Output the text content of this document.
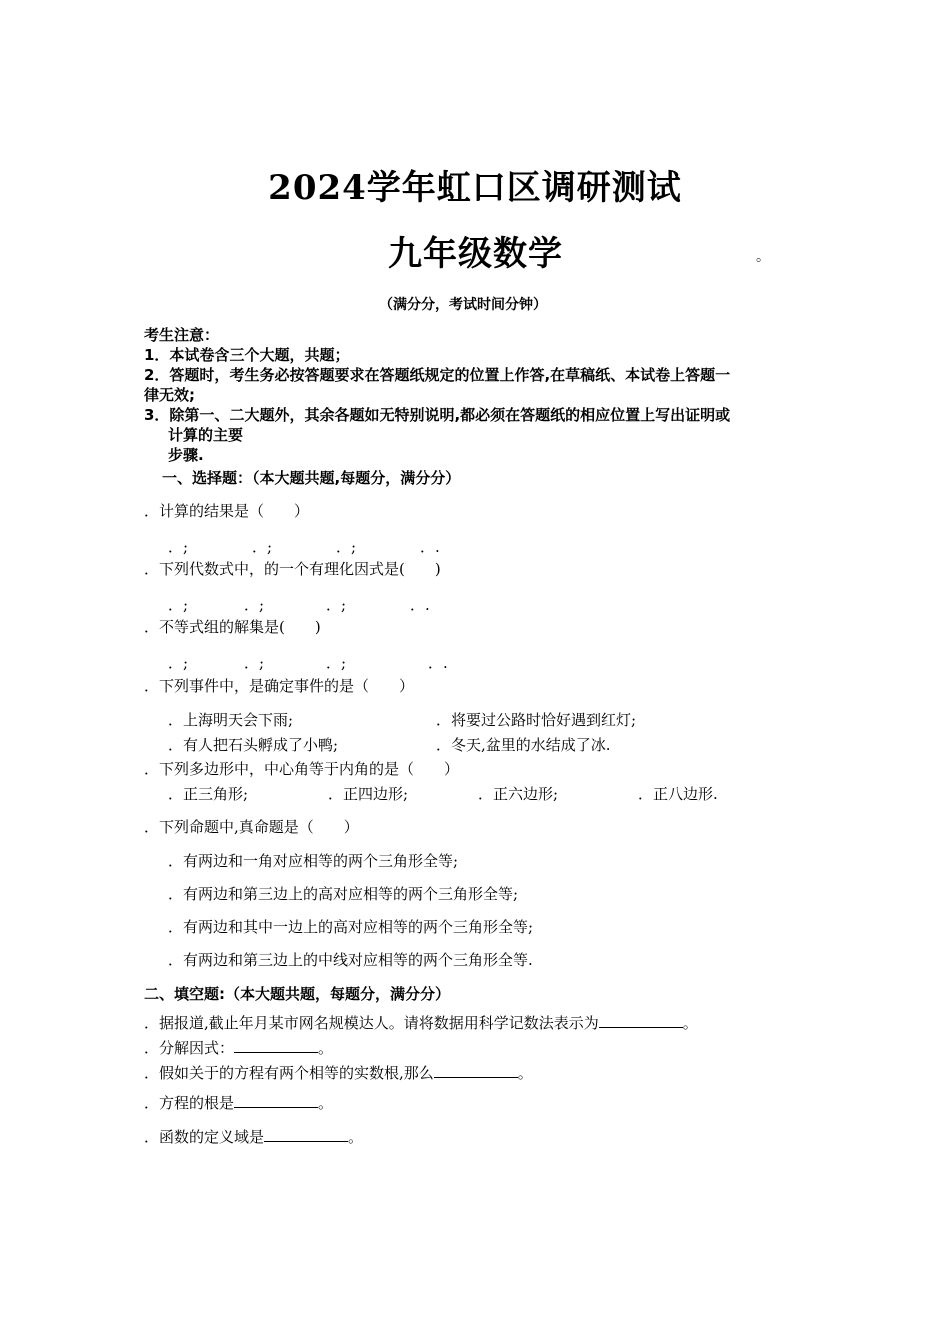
2024学年虹口区调研测试
九年级数学	。
（满分分，考试时间分钟）
考生注意：
1．本试卷含三个大题，共题；
2．答题时，考生务必按答题要求在答题纸规定的位置上作答,在草稿纸、本试卷上答题一
律无效;
3．除第一、二大题外，其余各题如无特别说明,都必须在答题纸的相应位置上写出证明或
计算的主要
步骤.
一、选择题：（本大题共题,每题分，满分分）
．计算的结果是（　　）
．;	．;	．;	．.
．下列代数式中，的一个有理化因式是(　　)
．;	．;	．;	．.
．不等式组的解集是(　　)
．;	．;	．;	．.
．下列事件中，是确定事件的是（　　）
．上海明天会下雨;	．将要过公路时恰好遇到红灯;
．有人把石头孵成了小鸭;	．冬天,盆里的水结成了冰.
．下列多边形中，中心角等于内角的是（　　）
．正三角形;	．正四边形;	．正六边形;	．正八边形.
．下列命题中,真命题是（　　）
．有两边和一角对应相等的两个三角形全等;
．有两边和第三边上的高对应相等的两个三角形全等;
．有两边和其中一边上的高对应相等的两个三角形全等;
．有两边和第三边上的中线对应相等的两个三角形全等.
二、填空题:（本大题共题，每题分，满分分）
．据报道,截止年月某市网名规模达人。请将数据用科学记数法表示为	。
．分解因式：	。
．假如关于的方程有两个相等的实数根,那么	。
．方程的根是	。
．函数的定义域是	。
